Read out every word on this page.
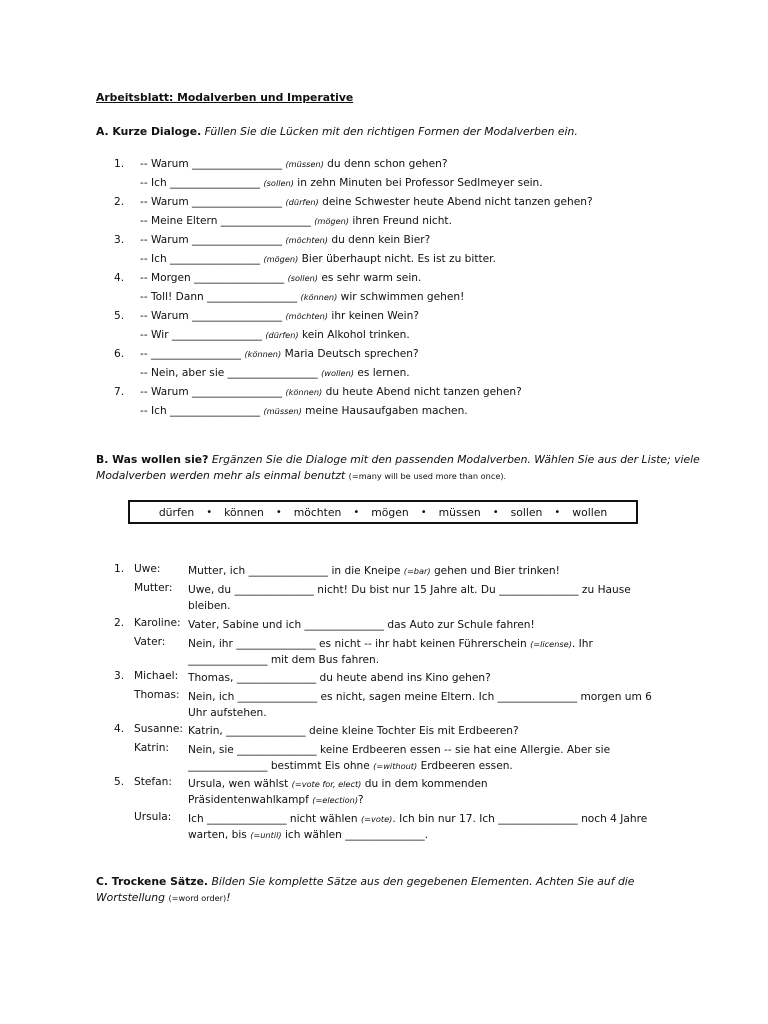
Arbeitsblatt: Modalverben und Imperative
A. Kurze Dialoge. Füllen Sie die Lücken mit den richtigen Formen der Modalverben ein.
1.	-- Warum _________________ (müssen) du denn schon gehen?
-- Ich _________________ (sollen) in zehn Minuten bei Professor Sedlmeyer sein.
2.	-- Warum _________________ (dürfen) deine Schwester heute Abend nicht tanzen gehen?
-- Meine Eltern _________________ (mögen) ihren Freund nicht.
3.	-- Warum _________________ (möchten) du denn kein Bier?
-- Ich _________________ (mögen) Bier überhaupt nicht. Es ist zu bitter.
4.	-- Morgen _________________ (sollen) es sehr warm sein.
-- Toll! Dann _________________ (können) wir schwimmen gehen!
5.	-- Warum _________________ (möchten) ihr keinen Wein?
-- Wir _________________ (dürfen) kein Alkohol trinken.
6.	-- _________________ (können) Maria Deutsch sprechen?
-- Nein, aber sie _________________ (wollen) es lernen.
7.	-- Warum _________________ (können) du heute Abend nicht tanzen gehen?
-- Ich _________________ (müssen) meine Hausaufgaben machen.
B. Was wollen sie? Ergänzen Sie die Dialoge mit den passenden Modalverben. Wählen Sie aus der Liste; viele
Modalverben werden mehr als einmal benutzt (=many will be used more than once).
dürfen	•	können	•	möchten	•	mögen	•	müssen	•	sollen	•	wollen
1. Uwe:	Mutter, ich _______________ in die Kneipe (=bar) gehen und Bier trinken!
Mutter: Uwe, du _______________ nicht! Du bist nur 15 Jahre alt. Du _______________ zu Hause bleiben.
2. Karoline: Vater, Sabine und ich _______________ das Auto zur Schule fahren!
Vater: Nein, ihr _______________ es nicht -- ihr habt keinen Führerschein (=license). Ihr _______________ mit dem Bus fahren.
3. Michael: Thomas, _______________ du heute abend ins Kino gehen?
Thomas: Nein, ich _______________ es nicht, sagen meine Eltern. Ich _______________ morgen um 6 Uhr aufstehen.
4. Susanne: Katrin, _______________ deine kleine Tochter Eis mit Erdbeeren?
Katrin: Nein, sie _______________ keine Erdbeeren essen -- sie hat eine Allergie. Aber sie _______________ bestimmt Eis ohne (=without) Erdbeeren essen.
5. Stefan: Ursula, wen wählst (=vote for, elect) du in dem kommenden
Präsidentenwahlkampf (=election)?
Ursula: Ich _______________ nicht wählen (=vote). Ich bin nur 17. Ich _______________ noch 4 Jahre warten, bis (=until) ich wählen _______________.
C. Trockene Sätze. Bilden Sie komplette Sätze aus den gegebenen Elementen. Achten Sie auf die
Wortstellung (=word order)!
